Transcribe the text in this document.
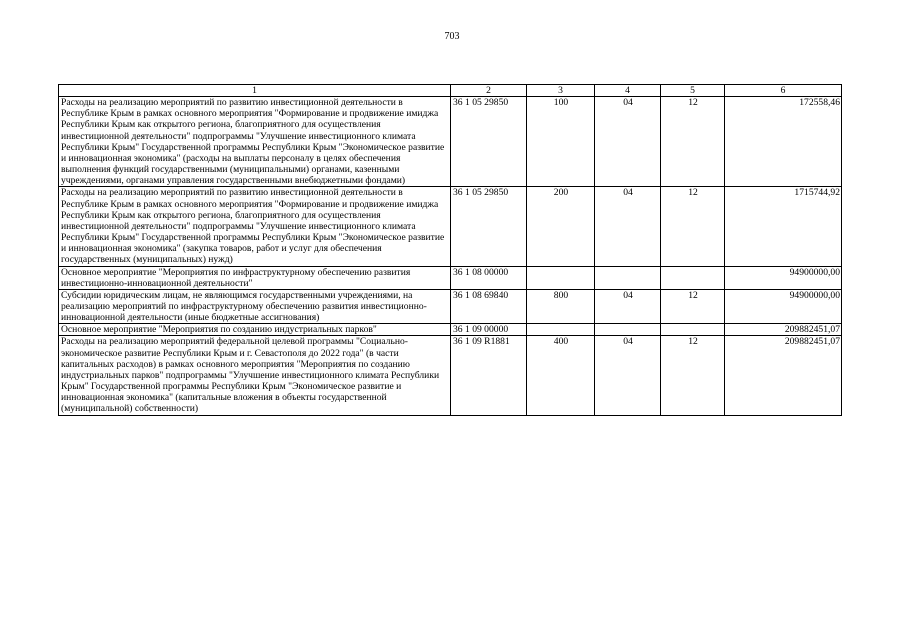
703
1	2	3	4	5	6
Расходы на реализацию мероприятий по развитию инвестиционной деятельности в Республике Крым в рамках основного мероприятия "Формирование и продвижение имиджа Республики Крым как открытого региона, благоприятного для осуществления инвестиционной деятельности" подпрограммы "Улучшение инвестиционного климата Республики Крым" Государственной программы Республики Крым "Экономическое развитие и инновационная экономика" (расходы на выплаты персоналу в целях обеспечения выполнения функций государственными (муниципальными) органами, казенными учреждениями, органами управления государственными внебюджетными фондами)	36 1 05 29850	100	04	12	172558,46
Расходы на реализацию мероприятий по развитию инвестиционной деятельности в Республике Крым в рамках основного мероприятия "Формирование и продвижение имиджа Республики Крым как открытого региона, благоприятного для осуществления инвестиционной деятельности" подпрограммы "Улучшение инвестиционного климата Республики Крым" Государственной программы Республики Крым "Экономическое развитие и инновационная экономика" (закупка товаров, работ и услуг для обеспечения государственных (муниципальных) нужд)	36 1 05 29850	200	04	12	1715744,92
Основное мероприятие "Мероприятия по инфраструктурному обеспечению развития инвестиционно-инновационной деятельности"	36 1 08 00000				94900000,00
Субсидии юридическим лицам, не являющимся государственными учреждениями, на реализацию мероприятий по инфраструктурному обеспечению развития инвестиционно-инновационной деятельности (иные бюджетные ассигнования)	36 1 08 69840	800	04	12	94900000,00
Основное мероприятие "Мероприятия по созданию индустриальных парков"	36 1 09 00000				209882451,07
Расходы на реализацию мероприятий федеральной целевой программы "Социально-экономическое развитие Республики Крым и г. Севастополя до 2022 года" (в части капитальных расходов) в рамках основного мероприятия "Мероприятия по созданию индустриальных парков" подпрограммы "Улучшение инвестиционного климата Республики Крым" Государственной программы Республики Крым "Экономическое развитие и инновационная экономика" (капитальные вложения в объекты государственной (муниципальной) собственности)	36 1 09 R1881	400	04	12	209882451,07
